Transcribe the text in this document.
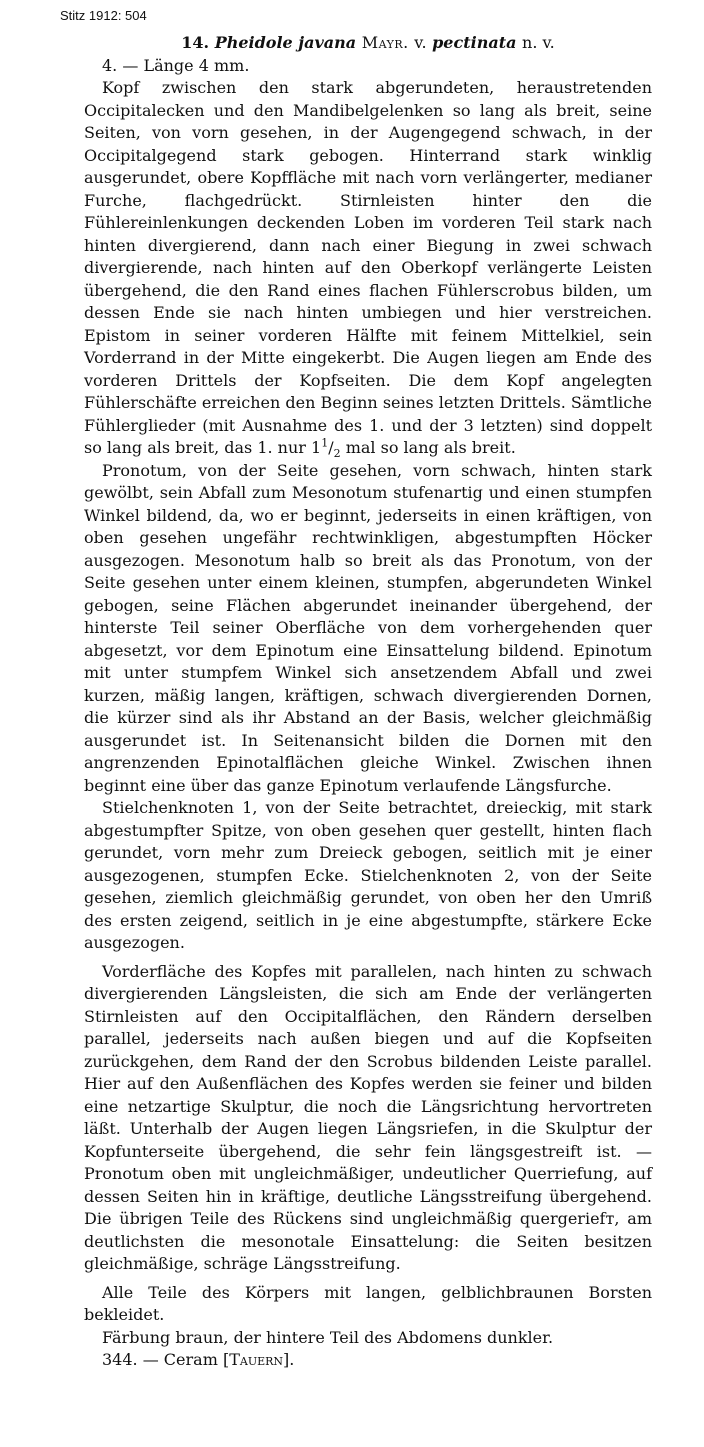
Stitz 1912: 504
14. Pheidole javana Mayr. v. pectinata n. v.

4. — Länge 4 mm.

Kopf zwischen den stark abgerundeten, heraustretenden Occipitalecken und den Mandibelgelenken so lang als breit, seine Seiten, von vorn gesehen, in der Augengegend schwach, in der Occipitalgegend stark gebogen. Hinterrand stark winklig ausgerundet, obere Kopffläche mit nach vorn verlängerter, medianer Furche, flachgedrückt. Stirnleisten hinter den die Fühlereinlenkungen deckenden Loben im vorderen Teil stark nach hinten divergierend, dann nach einer Biegung in zwei schwach divergierende, nach hinten auf den Oberkopf verlängerte Leisten übergehend, die den Rand eines flachen Fühlerscrobus bilden, um dessen Ende sie nach hinten umbiegen und hier verstreichen. Epistom in seiner vorderen Hälfte mit feinem Mittelkiel, sein Vorderrand in der Mitte eingekerbt. Die Augen liegen am Ende des vorderen Drittels der Kopfseiten. Die dem Kopf angelegten Fühlerschäfte erreichen den Beginn seines letzten Drittels. Sämtliche Fühlerglieder (mit Ausnahme des 1. und der 3 letzten) sind doppelt so lang als breit, das 1. nur $1^1/_2$ mal so lang als breit.

Pronotum, von der Seite gesehen, vorn schwach, hinten stark gewölbt, sein Abfall zum Mesonotum stufenartig und einen stumpfen Winkel bildend, da, wo er beginnt, jederseits in einen kräftigen, von oben gesehen ungefähr rechtwinkligen, abgestumpften Höcker ausgezogen. Mesonotum halb so breit als das Pronotum, von der Seite gesehen unter einem kleinen, stumpfen, abgerundeten Winkel gebogen, seine Flächen abgerundet ineinander übergehend, der hinterste Teil seiner Oberfläche von dem vorhergehenden quer abgesetzt, vor dem Epinotum eine Einsattelung bildend. Epinotum mit unter stumpfem Winkel sich ansetzendem Abfall und zwei kurzen, mäßig langen, kräftigen, schwach divergierenden Dornen, die kürzer sind als ihr Abstand an der Basis, welcher gleichmäßig ausgerundet ist. In Seitenansicht bilden die Dornen mit den angrenzenden Epinotalflächen gleiche Winkel. Zwischen ihnen beginnt eine über das ganze Epinotum verlaufende Längsfurche.

Stielchenknoten 1, von der Seite betrachtet, dreieckig, mit stark abgestumpfter Spitze, von oben gesehen quer gestellt, hinten flach gerundet, vorn mehr zum Dreieck gebogen, seitlich mit je einer ausgezogenen, stumpfen Ecke. Stielchenknoten 2, von der Seite gesehen, ziemlich gleichmäßig gerundet, von oben her den Umriß des ersten zeigend, seitlich in je eine abgestumpfte, stärkere Ecke ausgezogen.

Vorderfläche des Kopfes mit parallelen, nach hinten zu schwach divergierenden Längsleisten, die sich am Ende der verlängerten Stirnleisten auf den Occipitalflächen, den Rändern derselben parallel, jederseits nach außen biegen und auf die Kopfseiten zurückgehen, dem Rand der den Scrobus bildenden Leiste parallel. Hier auf den Außenflächen des Kopfes werden sie feiner und bilden eine netzartige Skulptur, die noch die Längsrichtung hervortreten läßt. Unterhalb der Augen liegen Längsriefen, in die Skulptur der Kopfunterseite übergehend, die sehr fein längsgestreift ist. — Pronotum oben mit ungleichmäßiger, undeutlicher Querriefung, auf dessen Seiten hin in kräftige, deutliche Längsstreifung übergehend. Die übrigen Teile des Rückens sind ungleichmäßig quergeriefт, am deutlichsten die mesonotale Einsattelung: die Seiten besitzen gleichmäßige, schräge Längsstreifung.

Alle Teile des Körpers mit langen, gelblichbraunen Borsten bekleidet.

Färbung braun, der hintere Teil des Abdomens dunkler.

344. — Ceram [Tauern].
